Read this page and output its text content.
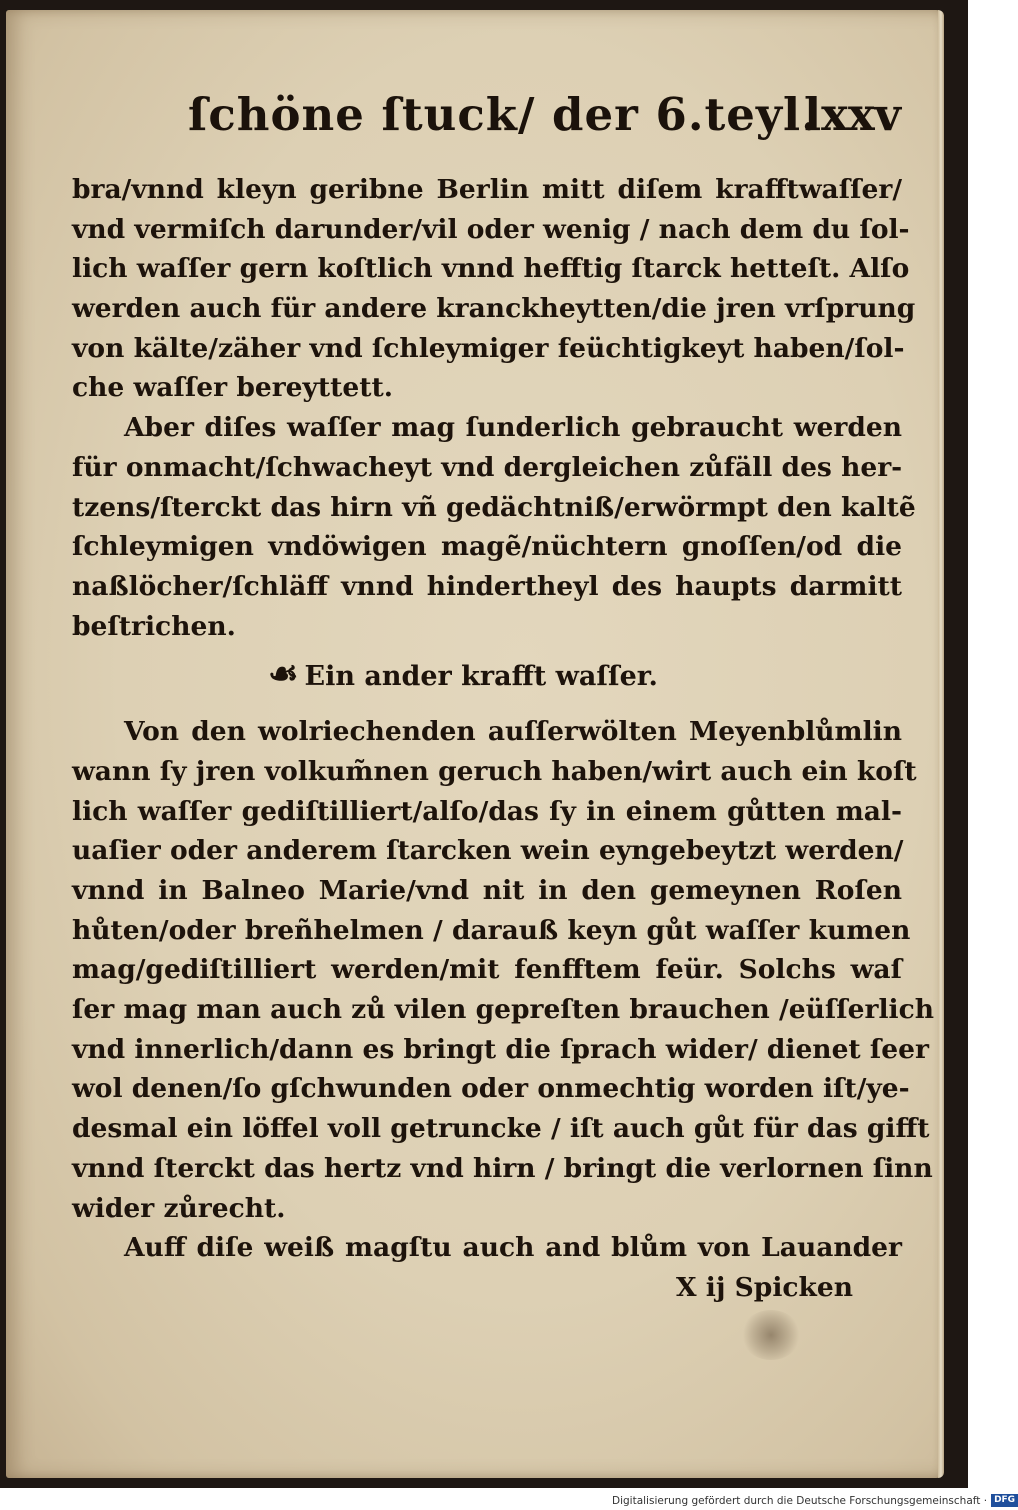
ſchöne ſtuck/ der 6.teyl.
lxxv
bra/vnnd kleyn geribne Berlin mitt diſem krafftwaſſer/
vnd vermiſch darunder/vil oder wenig / nach dem du ſol‑
lich waſſer gern koſtlich vnnd hefftig ſtarck hetteſt. Alſo
werden auch für andere kranckheytten/die jren vrſprung
von kälte/zäher vnd ſchleymiger feüchtigkeyt haben/ſol‑
che waſſer bereyttett.
Aber diſes waſſer mag ſunderlich gebraucht werden
für onmacht/ſchwacheyt vnd dergleichen zůfäll des her‑
tzens/ſterckt das hirn vñ gedächtniß/erwörmpt den kaltẽ
ſchleymigen vndöwigen magẽ/nüchtern gnoſſen/od die
naßlöcher/ſchläff vnnd hindertheyl des haupts darmitt
beſtrichen.
☙ Ein ander krafft waſſer.
Von den wolriechenden auſſerwölten Meyenblůmlin
wann ſy jren volkum̃nen geruch haben/wirt auch ein koſt
lich waſſer gediſtilliert/alſo/das ſy in einem gůtten mal‑
uaſier oder anderem ſtarcken wein eyngebeytzt werden/
vnnd in Balneo Marie/vnd nit in den gemeynen Roſen
hůten/oder breñhelmen / darauß keyn gůt waſſer kumen
mag/gediſtilliert werden/mit fenfftem feür. Solchs waſ
ſer mag man auch zů vilen gepreſten brauchen /eüſſerlich
vnd innerlich/dann es bringt die ſprach wider/ dienet ſeer
wol denen/ſo gſchwunden oder onmechtig worden iſt/ye‑
desmal ein löffel voll getruncke / iſt auch gůt für das gifft
vnnd ſterckt das hertz vnd hirn / bringt die verlornen ſinn
wider zůrecht.
Auff diſe weiß magſtu auch and blům von Lauander
X ij Spicken
Digitalisierung gefördert durch die Deutsche Forschungsgemeinschaft · DFG
